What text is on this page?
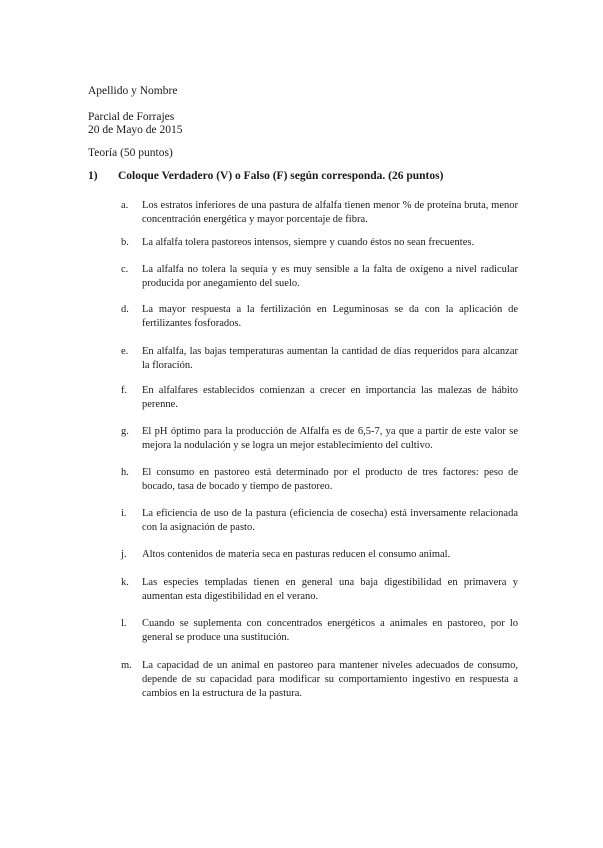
Apellido y Nombre
Parcial de Forrajes
20 de Mayo de 2015
Teoría (50 puntos)
1) Coloque Verdadero (V) o Falso (F) según corresponda. (26 puntos)
a.	Los estratos inferiores de una pastura de alfalfa tienen menor % de proteína bruta, menor concentración energética y mayor porcentaje de fibra.
b.	La alfalfa tolera pastoreos intensos, siempre y cuando éstos no sean frecuentes.
c.	La alfalfa no tolera la sequía y es muy sensible a la falta de oxígeno a nivel radicular producida por anegamiento del suelo.
d.	La mayor respuesta a la fertilización en Leguminosas se da con la aplicación de fertilizantes fosforados.
e.	En alfalfa, las bajas temperaturas aumentan la cantidad de días requeridos para alcanzar la floración.
f.	En alfalfares establecidos comienzan a crecer en importancia las malezas de hábito perenne.
g.	El pH óptimo para la producción de Alfalfa es de 6,5-7, ya que a partir de este valor se mejora la nodulación y se logra un mejor establecimiento del cultivo.
h.	El consumo en pastoreo está determinado por el producto de tres factores: peso de bocado, tasa de bocado y tiempo de pastoreo.
i.	La eficiencia de uso de la pastura (eficiencia de cosecha) está inversamente relacionada con la asignación de pasto.
j.	Altos contenidos de materia seca en pasturas reducen el consumo animal.
k.	Las especies templadas tienen en general una baja digestibilidad en primavera y aumentan esta digestibilidad en el verano.
l.	Cuando se suplementa con concentrados energéticos a animales en pastoreo, por lo general se produce una sustitución.
m. La capacidad de un animal en pastoreo para mantener niveles adecuados de consumo, depende de su capacidad para modificar su comportamiento ingestivo en respuesta a cambios en la estructura de la pastura.
